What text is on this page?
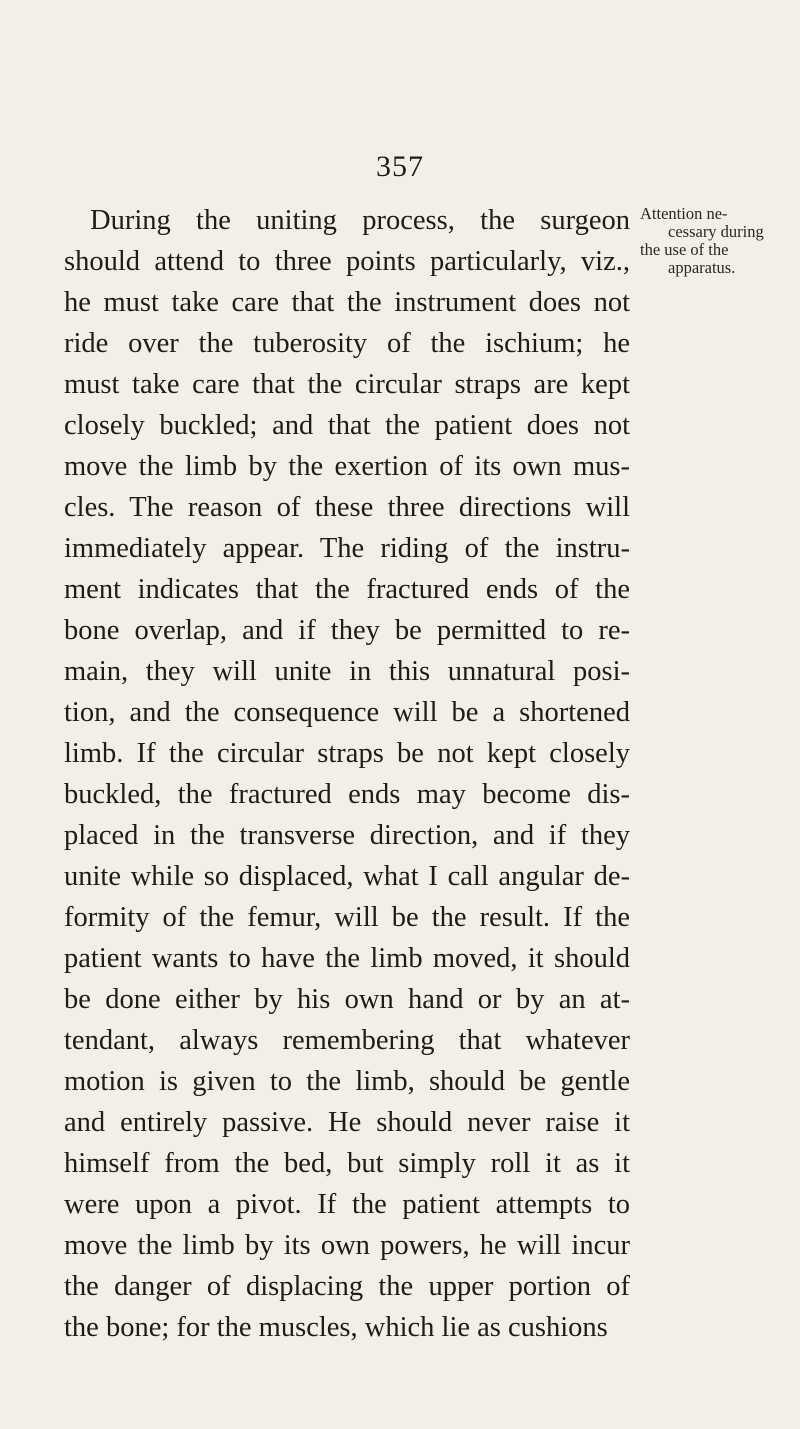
357
During the uniting process, the surgeon
should attend to three points particularly, viz.,
he must take care that the instrument does not
ride over the tuberosity of the ischium; he
must take care that the circular straps are kept
closely buckled; and that the patient does not
move the limb by the exertion of its own mus-
cles. The reason of these three directions will
immediately appear. The riding of the instru-
ment indicates that the fractured ends of the
bone overlap, and if they be permitted to re-
main, they will unite in this unnatural posi-
tion, and the consequence will be a shortened
limb. If the circular straps be not kept closely
buckled, the fractured ends may become dis-
placed in the transverse direction, and if they
unite while so displaced, what I call angular de-
formity of the femur, will be the result. If the
patient wants to have the limb moved, it should
be done either by his own hand or by an at-
tendant, always remembering that whatever
motion is given to the limb, should be gentle
and entirely passive. He should never raise it
himself from the bed, but simply roll it as it
were upon a pivot. If the patient attempts to
move the limb by its own powers, he will incur
the danger of displacing the upper portion of
the bone; for the muscles, which lie as cushions
Attention ne-
cessary during
the use of the
apparatus.
